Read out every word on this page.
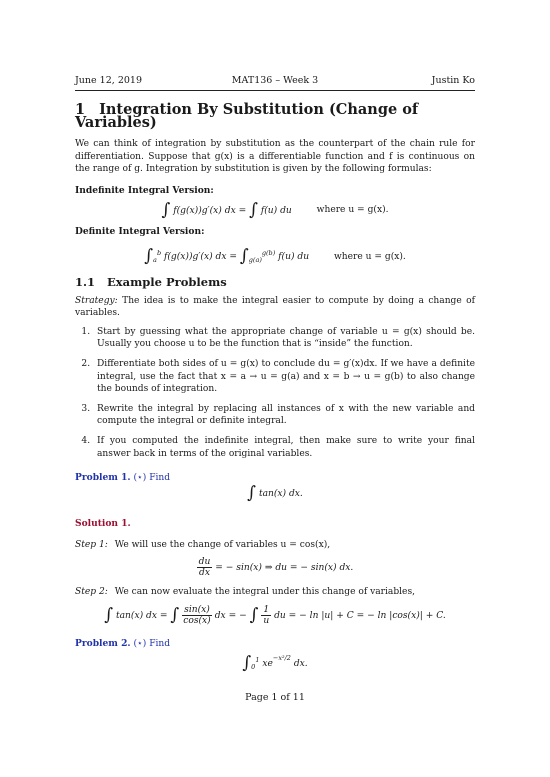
June 12, 2019	MAT136 – Week 3	Justin Ko
1 Integration By Substitution (Change of Variables)

We can think of integration by substitution as the counterpart of the chain rule for differentiation. Suppose that g(x) is a differentiable function and f is continuous on the range of g. Integration by substitution is given by the following formulas:

Indefinite Integral Version:
∫ f(g(x))g′(x) dx = ∫ f(u) du	where u = g(x).
Definite Integral Version:
$\int_a^b$ f(g(x))g′(x) dx = $\int_{g(a)}^{g(b)}$ f(u) du	where u = g(x).
1.1 Example Problems

Strategy: The idea is to make the integral easier to compute by doing a change of variables.

1. Start by guessing what the appropriate change of variable u = g(x) should be. Usually you choose u to be the function that is “inside” the function.
2. Differentiate both sides of u = g(x) to conclude du = g′(x)dx. If we have a definite integral, use the fact that x = a → u = g(a) and x = b → u = g(b) to also change the bounds of integration.
3. Rewrite the integral by replacing all instances of x with the new variable and compute the integral or definite integral.
4. If you computed the indefinite integral, then make sure to write your final answer back in terms of the original variables.
Problem 1. (⋆) Find
∫ tan(x) dx.
Solution 1.

Step 1: We will use the change of variables u = cos(x),

$\frac{du}{dx}$ = − sin(x) ⇒ du = − sin(x) dx.

Step 2: We can now evaluate the integral under this change of variables,

∫ tan(x) dx = ∫ $\frac{\sin(x)}{\cos(x)}$ dx = − ∫ $\frac{1}{u}$ du = − ln |u| + C = − ln |cos(x)| + C.
Problem 2. (⋆) Find
$\int_0^1$ $xe^{-x^2/2}$ dx.
Page 1 of 11
